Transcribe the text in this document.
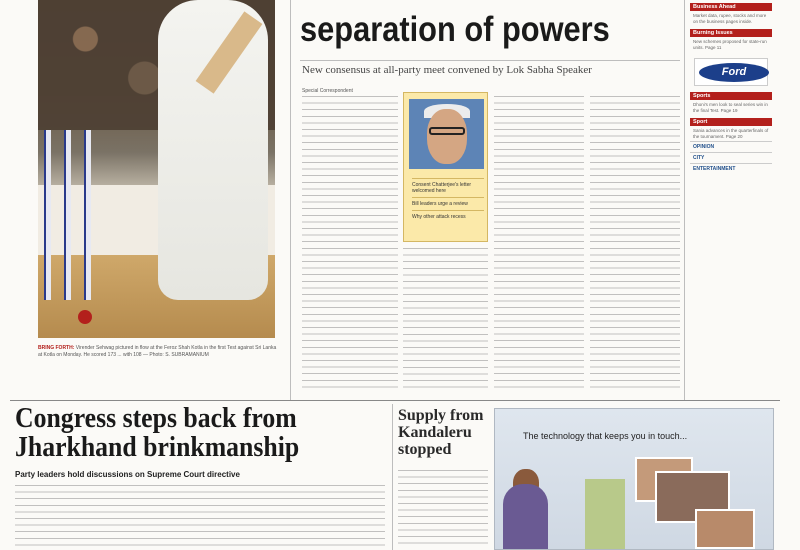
BRING FORTH: Virender Sehwag pictured in flow at the Feroz Shah Kotla in the first Test against Sri Lanka at Kotla on Monday. He scored 173 ... with 108 — Photo: S. SUBRAMANIUM
separation of powers
New consensus at all-party meet convened by Lok Sabha Speaker
Special Correspondent
Consent Chatterjee's letter welcomed here
Bill leaders urge a review
Why other attack recess
Business Ahead
Market data, rupee, stocks and more on the business pages inside.
Burning Issues
New schemes proposed for state-run units. Page 11
Ford
Sports
Dhoni's men look to seal series win in the final Test. Page 19
Sport
Sania advances in the quarterfinals of the tournament. Page 20
OPINION
CITY
ENTERTAINMENT
Congress steps back from Jharkhand brinkmanship
Party leaders hold discussions on Supreme Court directive
Supply from Kandaleru stopped
The technology that keeps you in touch...
